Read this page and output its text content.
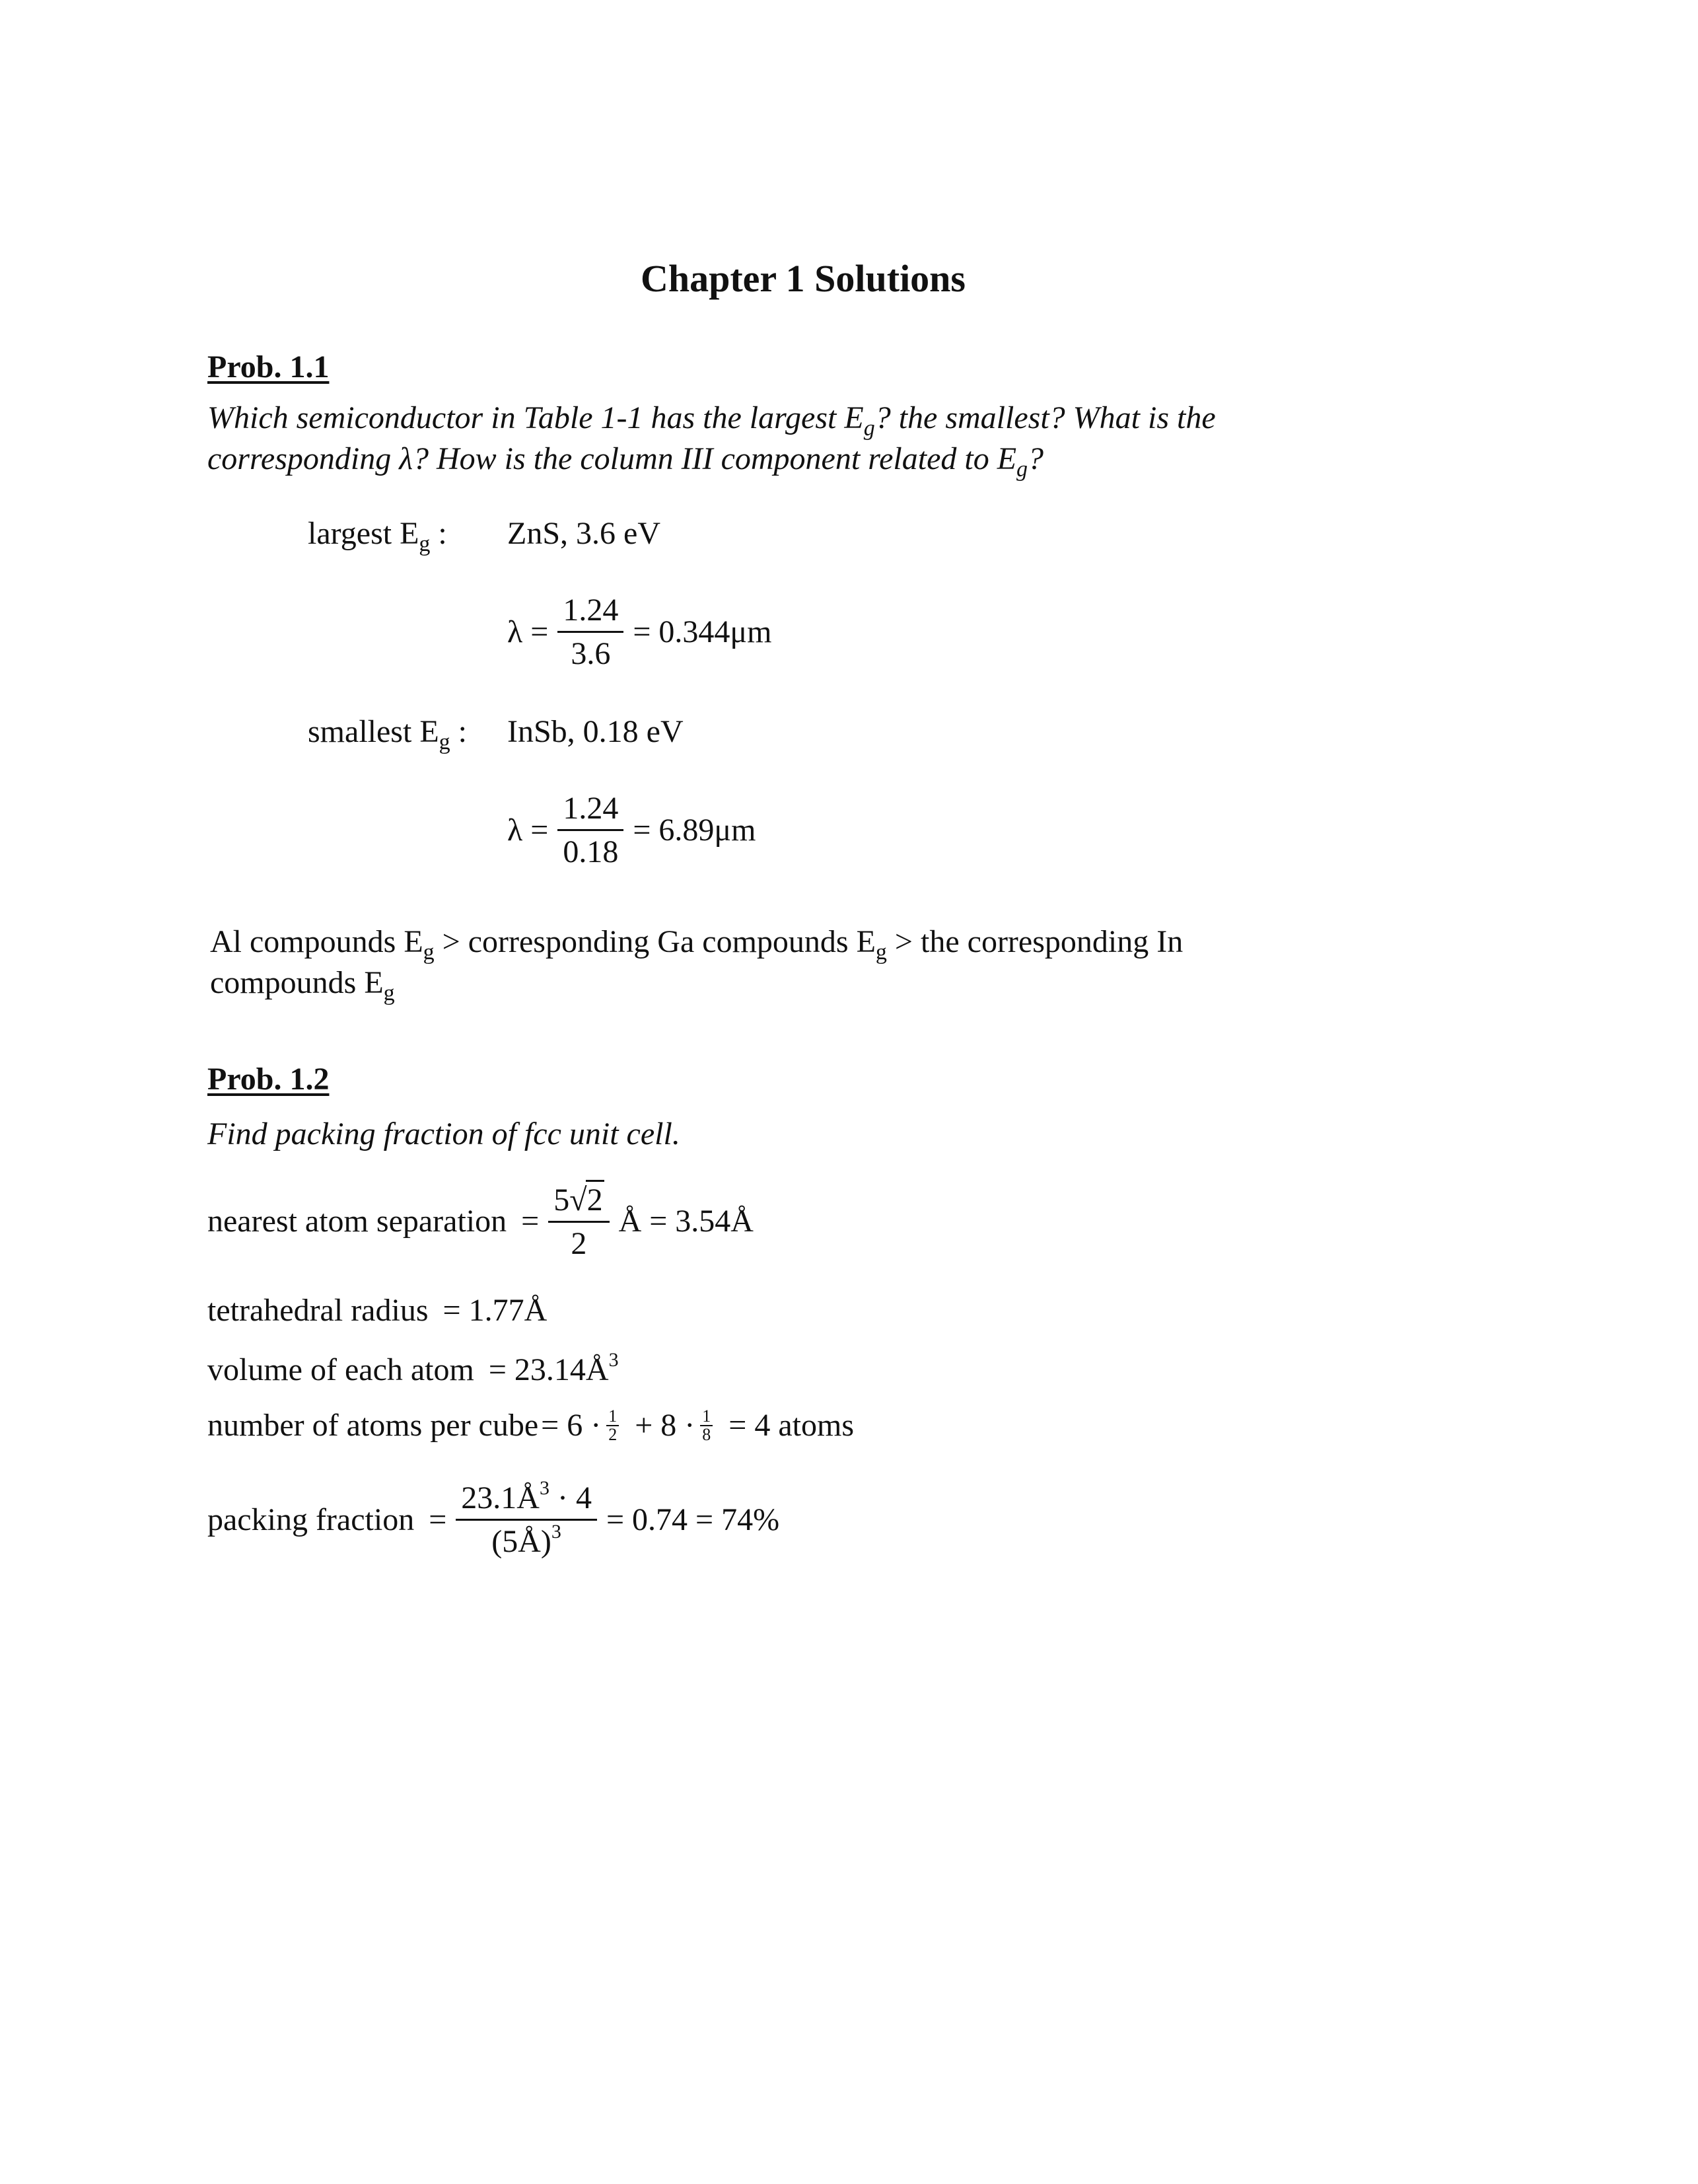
Chapter 1 Solutions
Prob. 1.1
Which semiconductor in Table 1-1 has the largest $E_g$? the smallest? What is the
corresponding λ? How is the column III component related to $E_g$?
largest $E_g$ : ZnS, 3.6 eV
$\lambda = \frac{1.24}{3.6} = 0.344\mu m$
smallest $E_g$ : InSb, 0.18 eV
$\lambda = \frac{1.24}{0.18} = 6.89\mu m$
Al compounds $E_g$ > corresponding Ga compounds $E_g$ > the corresponding In
compounds $E_g$
Prob. 1.2
Find packing fraction of fcc unit cell.
nearest atom separation = $\frac{5√2}{2}$ Å = 3.54Å
tetrahedral radius = 1.77Å
volume of each atom = $23.14Å^3$
number of atoms per cube = $6 \cdot \frac{1}{2} + 8 \cdot \frac{1}{8} = 4$ atoms
packing fraction = $\frac{23.1Å^3 \cdot 4}{(5Å)^3} = 0.74 = 74\%$
